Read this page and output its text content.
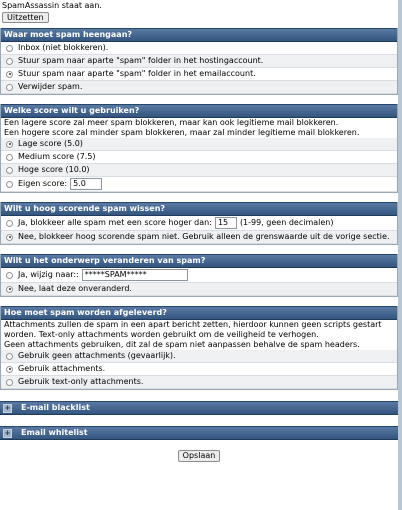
SpamAssassin staat aan.
Uitzetten
Waar moet spam heengaan?
Inbox (niet blokkeren).
Stuur spam naar aparte "spam" folder in het hostingaccount.
Stuur spam naar aparte "spam" folder in het emailaccount.
Verwijder spam.
Welke score wilt u gebruiken?
Een lagere score zal meer spam blokkeren, maar kan ook legitieme mail blokkeren.
Een hogere score zal minder spam blokkeren, maar zal minder legitieme mail blokkeren.
Lage score (5.0)
Medium score (7.5)
Hoge score (10.0)
Eigen score: 5.0
Wilt u hoog scorende spam wissen?
Ja, blokkeer alle spam met een score hoger dan: 15	(1-99, geen decimalen)
Nee, blokkeer hoog scorende spam niet. Gebruik alleen de grenswaarde uit de vorige sectie.
Wilt u het onderwerp veranderen van spam?
Ja, wijzig naar:: *****SPAM*****
Nee, laat deze onveranderd.
Hoe moet spam worden afgeleverd?
Attachments zullen de spam in een apart bericht zetten, hierdoor kunnen geen scripts gestart
worden. Text-only attachments worden gebruikt om de veiligheid te verhogen.
Geen attachments gebruiken, dit zal de spam niet aanpassen behalve de spam headers.
Gebruik geen attachments (gevaarlijk).
Gebruik attachments.
Gebruik text-only attachments.
+ E-mail blacklist
+ Email whitelist
Opslaan
